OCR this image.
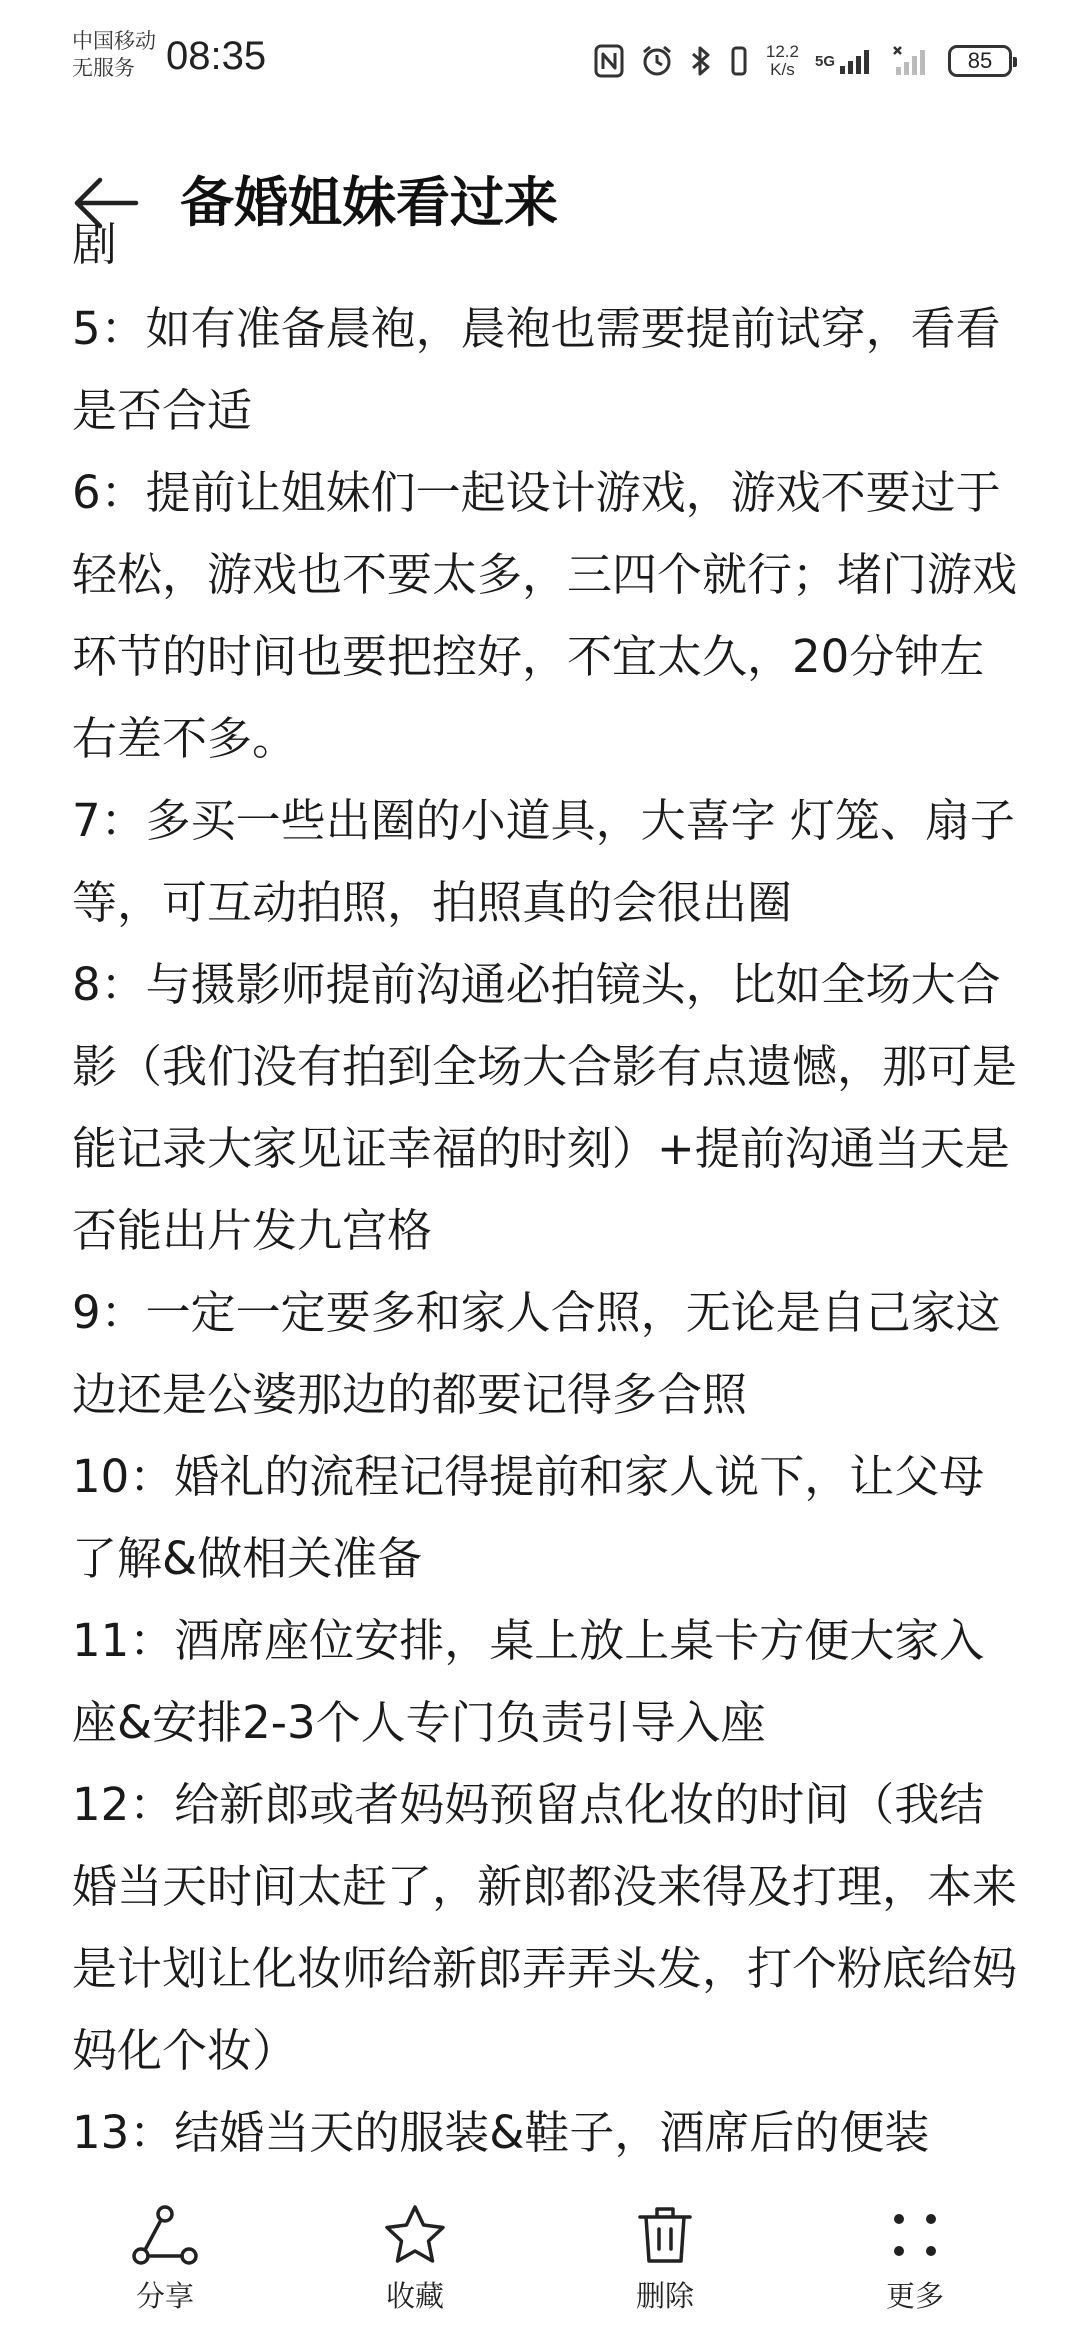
中国移动
无服务 08:35	12.2
K/s 5G	85
备婚姐妹看过来
剧

5：如有准备晨袍，晨袍也需要提前试穿，看看是否合适

6：提前让姐妹们一起设计游戏，游戏不要过于轻松，游戏也不要太多，三四个就行；堵门游戏环节的时间也要把控好，不宜太久，20分钟左右差不多。

7：多买一些出圈的小道具，大喜字 灯笼、扇子等，可互动拍照，拍照真的会很出圈

8：与摄影师提前沟通必拍镜头，比如全场大合影（我们没有拍到全场大合影有点遗憾，那可是能记录大家见证幸福的时刻）+提前沟通当天是否能出片发九宫格

9：一定一定要多和家人合照，无论是自己家这边还是公婆那边的都要记得多合照

10：婚礼的流程记得提前和家人说下，让父母了解&做相关准备

11：酒席座位安排，桌上放上桌卡方便大家入座&安排2-3个人专门负责引导入座

12：给新郎或者妈妈预留点化妆的时间（我结婚当天时间太赶了，新郎都没来得及打理，本来是计划让化妆师给新郎弄弄头发，打个粉底给妈妈化个妆）

13：结婚当天的服装&鞋子，酒席后的便装

分享	收藏	删除	更多
